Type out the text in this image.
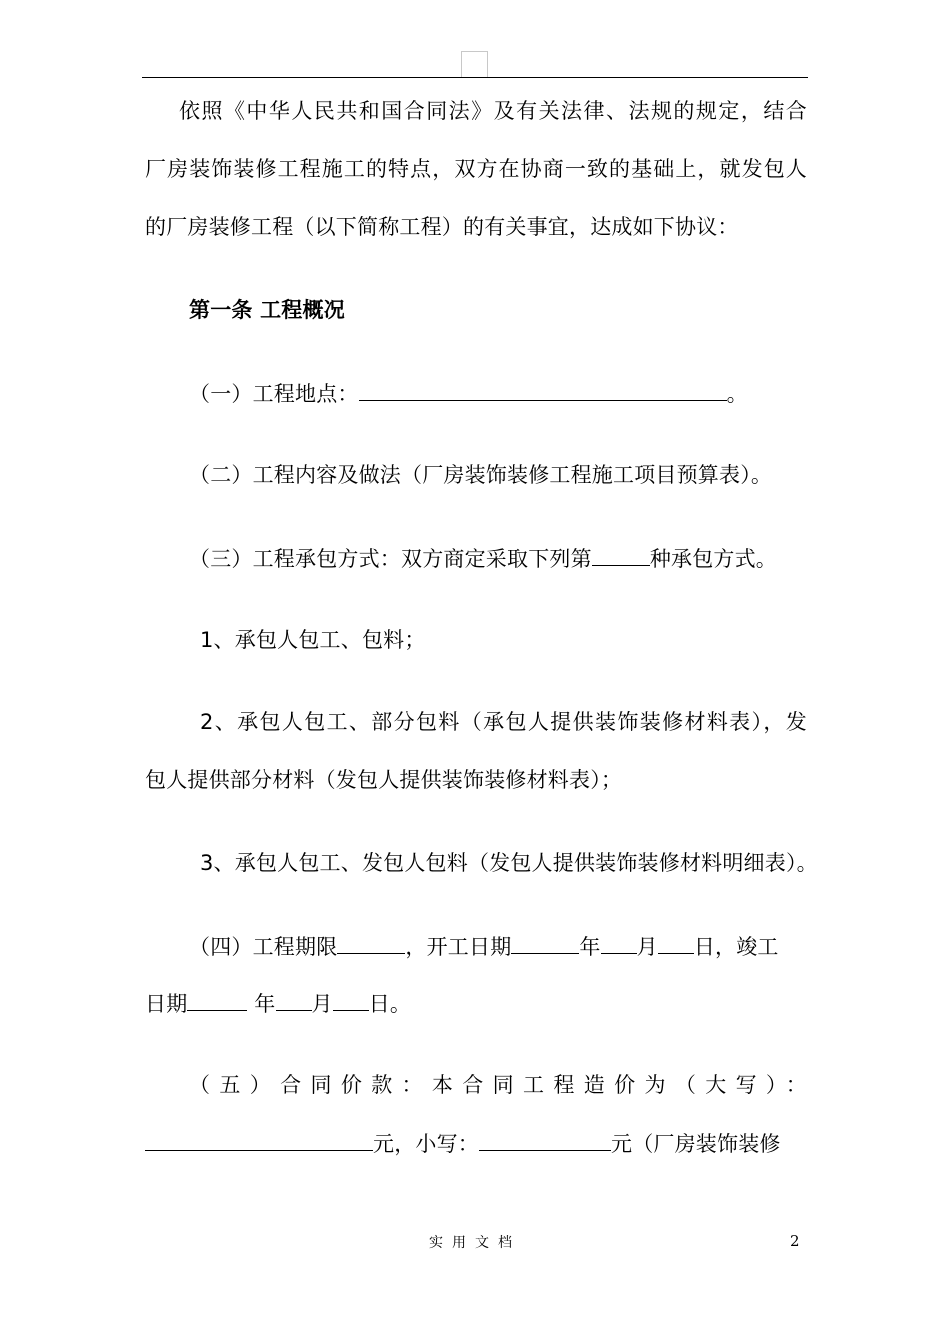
依照《中华人民共和国合同法》及有关法律、法规的规定，结合
厂房装饰装修工程施工的特点，双方在协商一致的基础上，就发包人
的厂房装修工程（以下简称工程）的有关事宜，达成如下协议：
第一条 工程概况
（一）工程地点：	。
（二）工程内容及做法（厂房装饰装修工程施工项目预算表）。
（三）工程承包方式：双方商定采取下列第	种承包方式。
1、承包人包工、包料；
2、承包人包工、部分包料（承包人提供装饰装修材料表），发
包人提供部分材料（发包人提供装饰装修材料表）；
3、承包人包工、发包人包料（发包人提供装饰装修材料明细表）。
（四）工程期限	，开工日期	年 月 日，竣工
日期	年 月 日。
（五）合同价款：本合同工程造价为（大写）：
元，小写：	元（厂房装饰装修
实用文档	2
